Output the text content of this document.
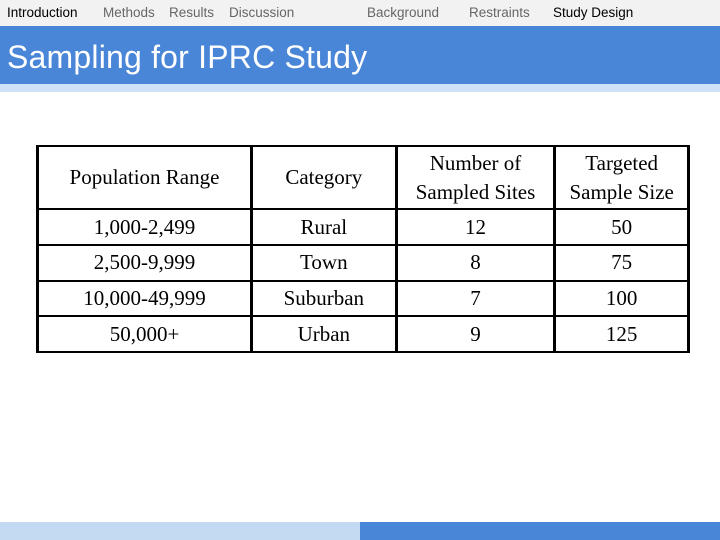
Introduction Methods Results Discussion	Background Restraints Study Design
Sampling for IPRC Study
Population Range	Category	Number of Sampled Sites	Targeted Sample Size
1,000-2,499	Rural	12	50
2,500-9,999	Town	8	75
10,000-49,999	Suburban	7	100
50,000+	Urban	9	125
